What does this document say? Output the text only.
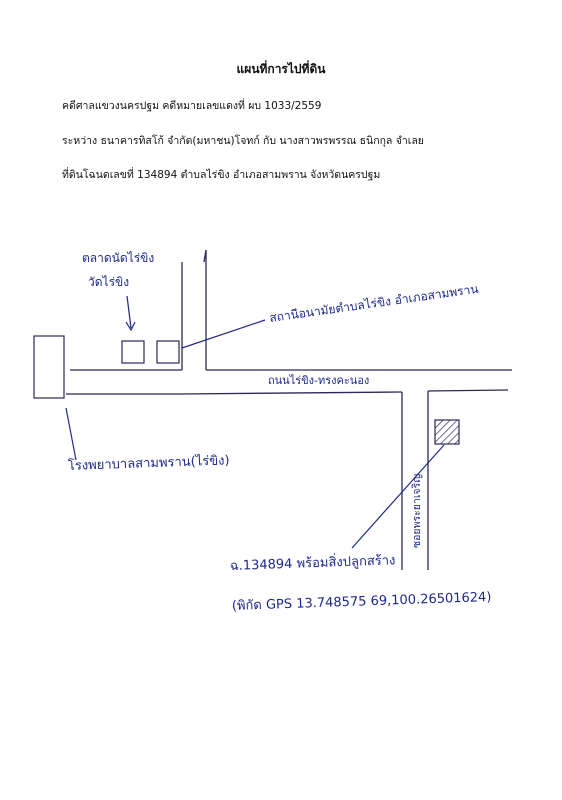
แผนที่การไปที่ดิน

คดีศาลแขวงนครปฐม คดีหมายเลขแดงที่ ผบ 1033/2559

ระหว่าง ธนาคารทิสโก้ จำกัด(มหาชน)โจทก์ กับ นางสาวพรพรรณ ธนิกกุล จำเลย

ที่ดินโฉนดเลขที่ 134894 ตำบลไร่ขิง อำเภอสามพราน จังหวัดนครปฐม

ตลาดนัดไร่ขิง
วัดไร่ขิง	สถานีอนามัยตำบลไร่ขิง อำเภอสามพราน
ถนนไร่ขิง-ทรงคะนอง
ซอยพระยาเจริญ
โรงพยาบาลสามพราน(ไร่ขิง)
ฉ.134894 พร้อมสิ่งปลูกสร้าง
(พิกัด GPS 13.748575 69,100.26501624)
